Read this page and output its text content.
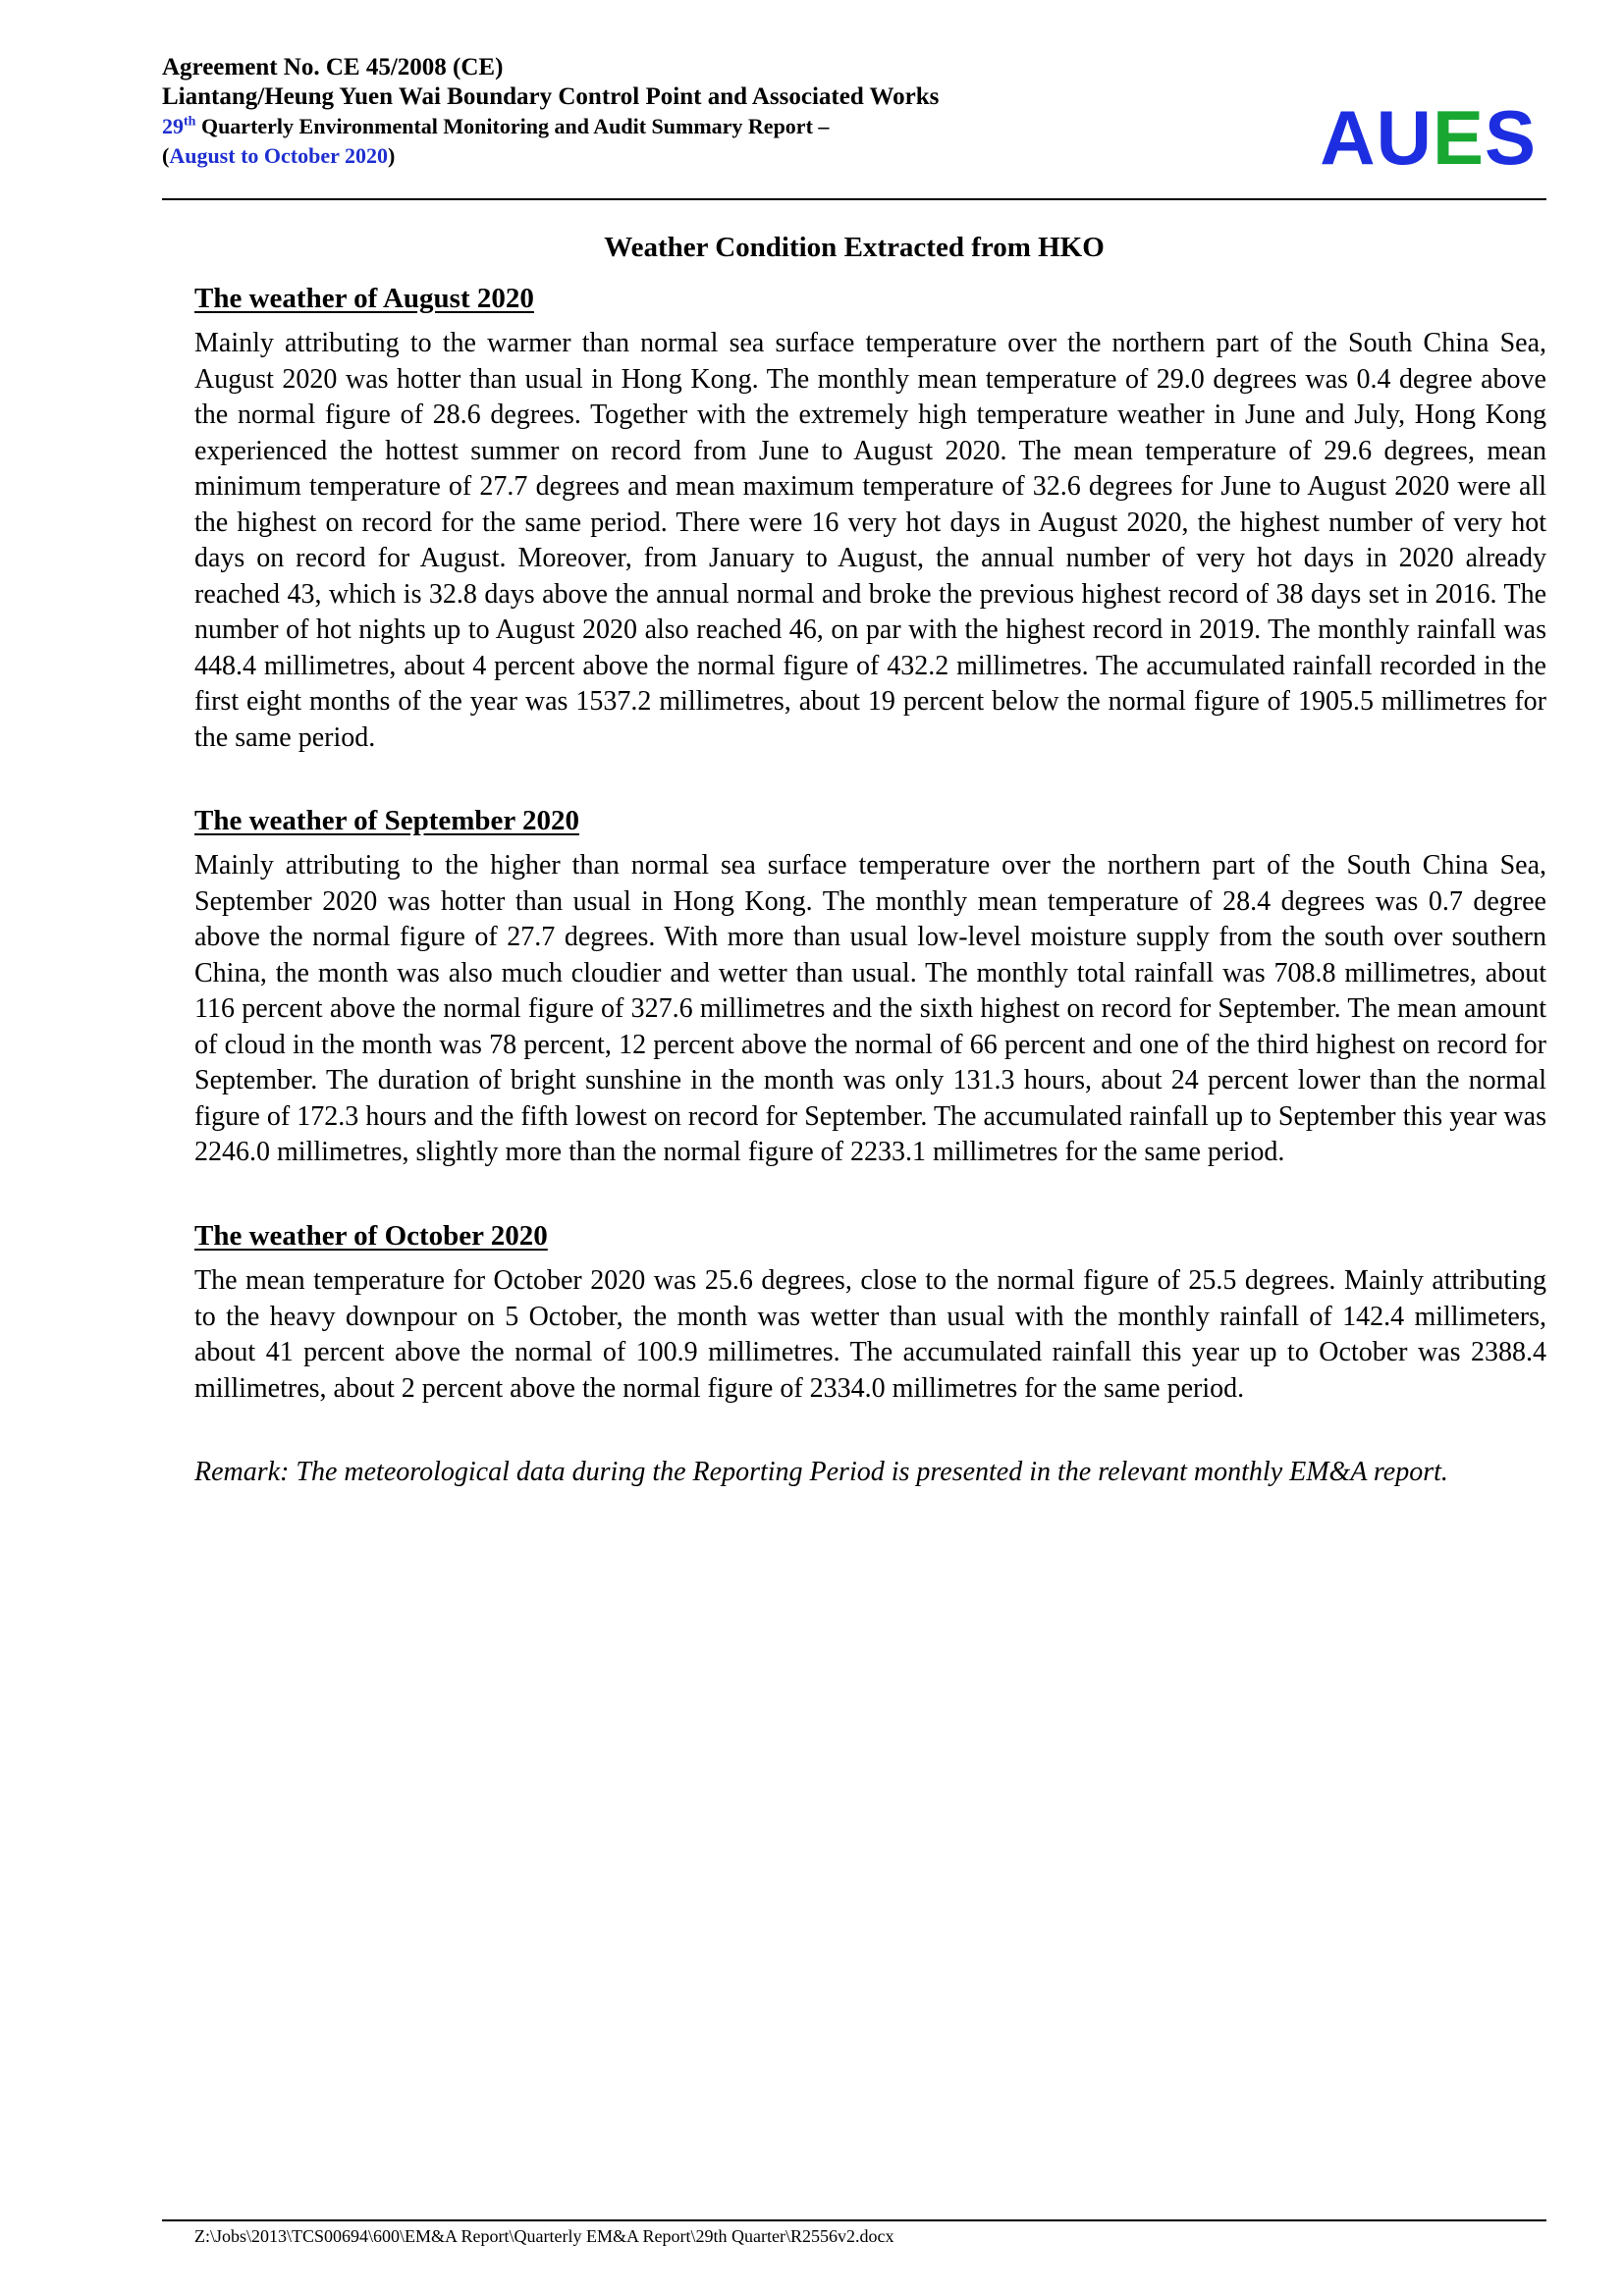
Agreement No. CE 45/2008 (CE)
Liantang/Heung Yuen Wai Boundary Control Point and Associated Works
29th Quarterly Environmental Monitoring and Audit Summary Report –
(August to October 2020)	AUES
Weather Condition Extracted from HKO
The weather of August 2020
Mainly attributing to the warmer than normal sea surface temperature over the northern part of the South China Sea, August 2020 was hotter than usual in Hong Kong. The monthly mean temperature of 29.0 degrees was 0.4 degree above the normal figure of 28.6 degrees. Together with the extremely high temperature weather in June and July, Hong Kong experienced the hottest summer on record from June to August 2020. The mean temperature of 29.6 degrees, mean minimum temperature of 27.7 degrees and mean maximum temperature of 32.6 degrees for June to August 2020 were all the highest on record for the same period. There were 16 very hot days in August 2020, the highest number of very hot days on record for August. Moreover, from January to August, the annual number of very hot days in 2020 already reached 43, which is 32.8 days above the annual normal and broke the previous highest record of 38 days set in 2016. The number of hot nights up to August 2020 also reached 46, on par with the highest record in 2019. The monthly rainfall was 448.4 millimetres, about 4 percent above the normal figure of 432.2 millimetres. The accumulated rainfall recorded in the first eight months of the year was 1537.2 millimetres, about 19 percent below the normal figure of 1905.5 millimetres for the same period.
The weather of September 2020
Mainly attributing to the higher than normal sea surface temperature over the northern part of the South China Sea, September 2020 was hotter than usual in Hong Kong. The monthly mean temperature of 28.4 degrees was 0.7 degree above the normal figure of 27.7 degrees. With more than usual low-level moisture supply from the south over southern China, the month was also much cloudier and wetter than usual. The monthly total rainfall was 708.8 millimetres, about 116 percent above the normal figure of 327.6 millimetres and the sixth highest on record for September. The mean amount of cloud in the month was 78 percent, 12 percent above the normal of 66 percent and one of the third highest on record for September. The duration of bright sunshine in the month was only 131.3 hours, about 24 percent lower than the normal figure of 172.3 hours and the fifth lowest on record for September. The accumulated rainfall up to September this year was 2246.0 millimetres, slightly more than the normal figure of 2233.1 millimetres for the same period.
The weather of October 2020
The mean temperature for October 2020 was 25.6 degrees, close to the normal figure of 25.5 degrees. Mainly attributing to the heavy downpour on 5 October, the month was wetter than usual with the monthly rainfall of 142.4 millimeters, about 41 percent above the normal of 100.9 millimetres. The accumulated rainfall this year up to October was 2388.4 millimetres, about 2 percent above the normal figure of 2334.0 millimetres for the same period.
Remark: The meteorological data during the Reporting Period is presented in the relevant monthly EM&A report.
Z:\Jobs\2013\TCS00694\600\EM&A Report\Quarterly EM&A Report\29th Quarter\R2556v2.docx
